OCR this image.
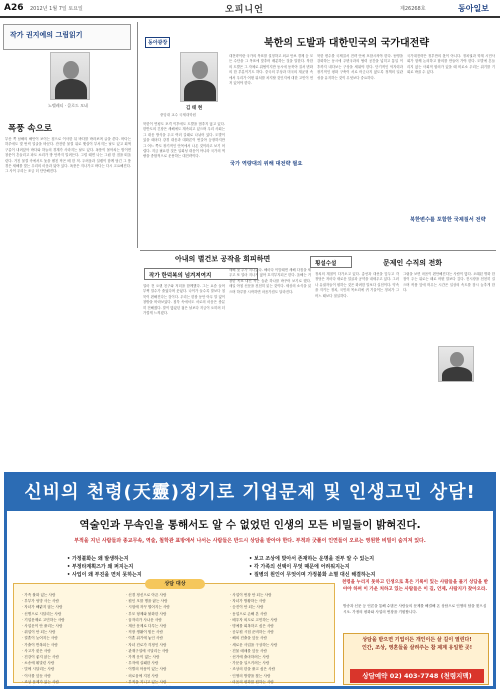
A26 2012년 1월 7일 토요일	오피니언	제26268호	동아일보
작가 권지예의 그림읽기
노벨레티 · 클로드 모네
폭풍 속으로

부산 쪽 남해의 해안이 보이는 집으로 이사한 뒤 바다를 바라보며 글을 쓴다. 바다는 하루에도 몇 번씩 얼굴을 바꾼다. 잔잔한 물결 위로 햇살이 부서지는 날도 있고 회색 구름이 내려앉아 바다와 하늘의 경계가 사라지는 날도 있다. 폭풍이 몰아치는 밤이면 창문이 흔들리고 파도 소리가 방 안까지 밀려든다. 그럴 때면 나는 그림 한 점을 떠올린다. 거친 물결 속에서도 돛을 펼친 작은 배 한 척. 두려움과 설렘이 함께 담긴 그 풍경은 새해를 맞는 우리의 마음과 닮아 있다. 폭풍은 지나가고 바다는 다시 고요해진다. 그 사이 우리는 조금 더 단단해진다.

동아광장	북한의 도발과 대한민국의 국가대전략
김 태 현
중앙대 교수 국제대학원

북한이 연평도 포격 이후에도 도발을 멈추지 않고 있다. 한반도의 긴장은 새해에도 계속되고 있으며 우리 사회는 그 대응 방식을 두고 여러 갈래로 나뉘어 있다. 도발이 있을 때마다 강경 대응과 대화론이 번갈아 등장하지만 그 어느 쪽도 장기적인 안목에서 나온 것이라고 보기 어렵다. 지금 필요한 것은 일회성 대응이 아니라 국가의 역량을 종합적으로 운용하는 대전략이다.

대전략이란 국가의 목표를 설정하고 외교 안보 경제 등 모든 수단을 그 목표에 맞추어 배분하는 것을 말한다. 북한의 도발은 그 자체로 위협이지만 동시에 동북아 질서 변화의 한 부분이기도 하다. 중국의 부상과 미국의 재균형 속에서 우리가 어떤 위치를 차지할 것인지에 대한 고민이 먼저 있어야 한다.

국가 역량대의 위해 대전략 필요

북한 변수를 국제질서 전략 안에 포함시켜야 한다. 동맹을 강화하는 동시에 주변국과의 협력 공간을 넓히고 통일 이후까지 내다보는 구상을 세워야 한다. 단기적인 억지력과 장기적인 평화 구축이 서로 어긋나지 않도록 정책의 일관성을 유지하는 것이 무엇보다 중요하다.

국가대전략은 정부만의 몫이 아니다. 정치권과 학계 시민사회가 함께 논의하고 합의를 만들어 가야 한다. 도발에 흔들리지 않는 사회적 합의가 있을 때 비로소 우리는 위기를 기회로 바꿀 수 있다.

북한변수를 포함한 국제질서 전략
아내의 별건보 공작을 회피하면
작가 한덕복의 넘겨져여지
횡설수설	문제인 수직의 전화

얼마 전 오랜 친구와 저녁을 함께했다. 그는 요즘 들어 부쩍 말수가 줄었다며 웃었다. 나이가 들수록 말보다 침묵이 편해진다는 것이다. 우리는 한참 동안 아무 말 없이 창밖을 바라보았다. 침묵 속에서도 서로의 마음은 충분히 전해졌다. 말이 많았던 젊은 날보다 지금이 오히려 더 가깝게 느껴졌다.

새해 첫 주가 지나갔다. 해마다 이맘때면 새해 다짐을 세우고 또 얼마 지나지 않아 흐지부지되곤 한다. 올해는 거창한 목표 대신 작은 습관 하나를 바꾸어 보기로 했다. 매일 아침 신문을 천천히 읽는 것이다. 세상의 소식을 읽으며 하루를 시작하면 마음가짐도 달라진다.

정치의 계절이 다가오고 있다. 총선과 대선을 앞두고 각 정당은 저마다 새로운 얼굴과 공약을 내세우고 있다. 그러나 유권자들이 원하는 것은 화려한 말보다 실천이다. 약속을 지키는 정치, 국민의 목소리에 귀 기울이는 정치가 그 어느 때보다 절실하다.

그림을 보면 마음이 편안해진다는 사람이 많다. 오래된 명화 한 점이 주는 위로는 때로 어떤 말보다 깊다. 전시장을 천천히 걸으며 작품 앞에 머무는 시간은 일상의 속도를 잠시 늦추게 한다.

신비의 천령(天靈)정기로 기업문제 및 인생고민 상담!
역술인과 무속인을 통해서도 알 수 없었던 인생의 모든 비밀들이 밝혀진다.
부적을 지닌 사람들과 종교무속, 역술, 철학관 표방에서 나서는 사람들은 반드시 상담을 받아야 한다. 부적과 굿풀이 인연들이 오르는 영원한 비밀이 숨겨져 있다.
• 가정불화는 왜 발생하는지
• 부정타계획즈가 왜 퍼지는지
• 사업이 왜 부진을 면치 못하는지
• 보고 조상에 맞아서 존재하는 운명을 전부 알 수 있는지
• 각 가족의 선택이 무엇 때문에 어려워지는지
• 질병의 원인이 무엇이며 가정불화 소멸 대신 해결하는지
상담 대상
· 가족 불화 있는 사람
· 부부가 엉망 사는 사람
· 자녀가 해맑지 않는 사람
· 신병으로 시달리는 사람
· 기업문제로 고민하는 사람
· 사업운이 안 풀리는 사람
· 취업이 안 되는 사람
· 결혼이 늦어지는 사람
· 가출이 반복되는 사람
· 사고가 잦은 사람
· 건강이 좋지 않는 사람
· 소송에 휘말린 사람
· 빚에 시달리는 사람
· 이사를 앞둔 사람
· 조상 문제가 있는 사람
· 미래가 궁금한 사람
· 신경 정신으로 아픈 사람
· 원인 모를 병을 앓는 사람
· 시험에 자꾸 떨어지는 사람
· 부모 형제와 불화한 사람
· 꿈자리가 사나운 사람
· 재산 문제로 다투는 사람
· 직장 생활이 힘든 사람
· 이혼 위기에 놓인 사람
· 자녀 진로가 걱정인 사람
· 관재구설에 시달리는 사람
· 가게 운이 없는 사람
· 투자에 실패한 사람
· 이별의 아픔이 있는 사람
· 외로움에 지친 사람
· 부적을 지니고 있는 사람
· 굿을 하고도 효과 없는 사람
· 사업이 번창 안 되는 사람
· 자녀가 방황하는 사람
· 승진이 안 되는 사람
· 동업으로 손해 본 사람
· 배우자 외도로 고민하는 사람
· 명예를 회복하고 싶은 사람
· 공무원 시험 준비하는 사람
· 해외 진출을 앞둔 사람
· 새로운 사업을 구상하는 사람
· 건물 매매를 앞둔 사람
· 선거에 출마하려는 사람
· 가문을 일으키려는 사람
· 조상의 한을 풀고 싶은 사람
· 인생의 방향을 찾는 사람
· 마음의 평화를 원하는 사람
· 운명을 바꾸고 싶은 사람
천령을 누리지 못하고 인생으로 혹은 기록이 있는 사람들을 몰기 상담을 받아야 하며 이 가운 처하고 있는 사람들은 이 길, 언제, 사람지가 찾아오라.
방송과 신문 등 언론을 통해 수많은 사람들의 문제를 해결해 온 상담으로 인생의 답을 찾으십시오. 가정의 평화와 사업의 번창을 기원합니다.
상담을 받으면 기업이든 개인이든 살 길이 열린다!
인간, 조상, 영혼들을 살려주는 참 제계 유일한 곳!
상담예약 02) 403-7748 (천령지맥)
